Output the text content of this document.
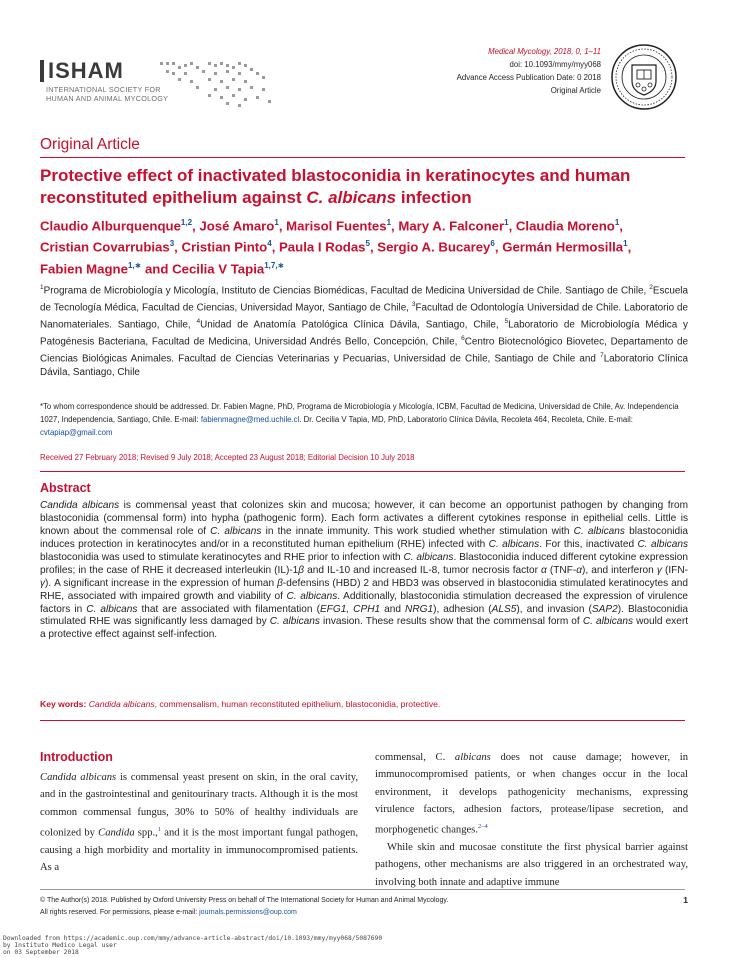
ISHAM
INTERNATIONAL SOCIETY FOR
HUMAN AND ANIMAL MYCOLOGY
Medical Mycology, 2018, 0, 1–11
doi: 10.1093/mmy/myy068
Advance Access Publication Date: 0 2018
Original Article
Original Article
Protective effect of inactivated blastoconidia in keratinocytes and human reconstituted epithelium against C. albicans infection
Claudio Alburquenque$^{1,2}$, José Amaro$^1$, Marisol Fuentes$^1$, Mary A. Falconer$^1$, Claudia Moreno$^1$, Cristian Covarrubias$^3$, Cristian Pinto$^4$, Paula I Rodas$^5$, Sergio A. Bucarey$^6$, Germán Hermosilla$^1$, Fabien Magne$^{1,∗}$ and Cecilia V Tapia$^{1,7,∗}$
$^1$Programa de Microbiología y Micología, Instituto de Ciencias Biomédicas, Facultad de Medicina Universidad de Chile. Santiago de Chile, $^2$Escuela de Tecnología Médica, Facultad de Ciencias, Universidad Mayor, Santiago de Chile, $^3$Facultad de Odontología Universidad de Chile. Laboratorio de Nanomateriales. Santiago, Chile, $^4$Unidad de Anatomía Patológica Clínica Dávila, Santiago, Chile, $^5$Laboratorio de Microbiología Médica y Patogénesis Bacteriana, Facultad de Medicina, Universidad Andrés Bello, Concepción, Chile, $^6$Centro Biotecnológico Biovetec, Departamento de Ciencias Biológicas Animales. Facultad de Ciencias Veterinarias y Pecuarias, Universidad de Chile, Santiago de Chile and $^7$Laboratorio Clínica Dávila, Santiago, Chile
*To whom correspondence should be addressed. Dr. Fabien Magne, PhD, Programa de Microbiología y Micología, ICBM, Facultad de Medicina, Universidad de Chile, Av. Independencia 1027, Independencia, Santiago, Chile. E-mail: fabienmagne@med.uchile.cl. Dr. Cecilia V Tapia, MD, PhD, Laboratorio Clínica Dávila, Recoleta 464, Recoleta, Chile. E-mail: cvtapiap@gmail.com
Received 27 February 2018; Revised 9 July 2018; Accepted 23 August 2018; Editorial Decision 10 July 2018
Abstract
Candida albicans is commensal yeast that colonizes skin and mucosa; however, it can become an opportunist pathogen by changing from blastoconidia (commensal form) into hypha (pathogenic form). Each form activates a different cytokines response in epithelial cells. Little is known about the commensal role of C. albicans in the innate immunity. This work studied whether stimulation with C. albicans blastoconidia induces protection in keratinocytes and/or in a reconstituted human epithelium (RHE) infected with C. albicans. For this, inactivated C. albicans blastoconidia was used to stimulate keratinocytes and RHE prior to infection with C. albicans. Blastoconidia induced different cytokine expression profiles; in the case of RHE it decreased interleukin (IL)-1β and IL-10 and increased IL-8, tumor necrosis factor α (TNF-α), and interferon γ (IFN-γ). A significant increase in the expression of human β-defensins (HBD) 2 and HBD3 was observed in blastoconidia stimulated keratinocytes and RHE, associated with impaired growth and viability of C. albicans. Additionally, blastoconidia stimulation decreased the expression of virulence factors in C. albicans that are associated with filamentation (EFG1, CPH1 and NRG1), adhesion (ALS5), and invasion (SAP2). Blastoconidia stimulated RHE was significantly less damaged by C. albicans invasion. These results show that the commensal form of C. albicans would exert a protective effect against self-infection.
Key words: Candida albicans, commensalism, human reconstituted epithelium, blastoconidia, protective.
Introduction
Candida albicans is commensal yeast present on skin, in the oral cavity, and in the gastrointestinal and genitourinary tracts. Although it is the most common commensal fungus, 30% to 50% of healthy individuals are colonized by Candida spp.,$^1$ and it is the most important fungal pathogen, causing a high morbidity and mortality in immunocompromised patients. As a
commensal, C. albicans does not cause damage; however, in immunocompromised patients, or when changes occur in the local environment, it develops pathogenicity mechanisms, expressing virulence factors, adhesion factors, protease/lipase secretion, and morphogenetic changes.$^{2-4}$
While skin and mucosae constitute the first physical barrier against pathogens, other mechanisms are also triggered in an orchestrated way, involving both innate and adaptive immune
© The Author(s) 2018. Published by Oxford University Press on behalf of The International Society for Human and Animal Mycology.
All rights reserved. For permissions, please e-mail: journals.permissions@oup.com
1
Downloaded from https://academic.oup.com/mmy/advance-article-abstract/doi/10.1093/mmy/myy068/5087690
by Instituto Medico Legal user
on 03 September 2018
